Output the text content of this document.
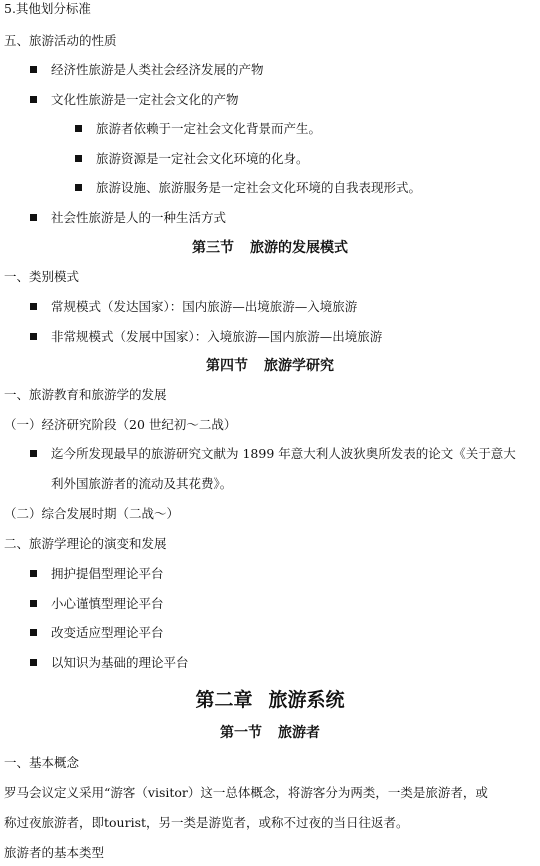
5.其他划分标准
五、旅游活动的性质
经济性旅游是人类社会经济发展的产物
文化性旅游是一定社会文化的产物
旅游者依赖于一定社会文化背景而产生。
旅游资源是一定社会文化环境的化身。
旅游设施、旅游服务是一定社会文化环境的自我表现形式。
社会性旅游是人的一种生活方式
第三节 旅游的发展模式
一、类别模式
常规模式（发达国家）：国内旅游—出境旅游—入境旅游
非常规模式（发展中国家）：入境旅游—国内旅游—出境旅游
第四节 旅游学研究
一、旅游教育和旅游学的发展
（一）经济研究阶段（20 世纪初～二战）
迄今所发现最早的旅游研究文献为 1899 年意大利人波狄奥所发表的论文《关于意大
利外国旅游者的流动及其花费》。
（二）综合发展时期（二战～）
二、旅游学理论的演变和发展
拥护提倡型理论平台
小心谨慎型理论平台
改变适应型理论平台
以知识为基础的理论平台
第二章 旅游系统
第一节 旅游者
一、基本概念
罗马会议定义采用“游客（visitor）这一总体概念，将游客分为两类，一类是旅游者，或
称过夜旅游者，即tourist，另一类是游览者，或称不过夜的当日往返者。
旅游者的基本类型
